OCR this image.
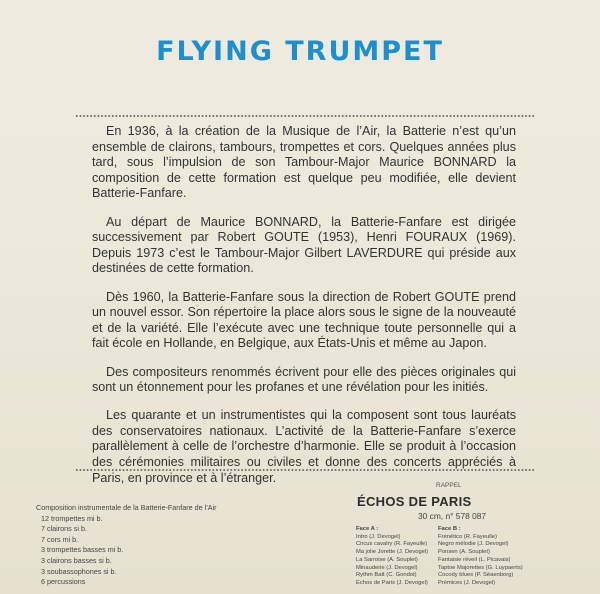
FLYING TRUMPET

En 1936, à la création de la Musique de l’Air, la Batterie n’est qu’un ensemble de clairons, tambours, trompettes et cors. Quelques années plus tard, sous l’impulsion de son Tambour-Major Maurice BONNARD la composition de cette formation est quelque peu modifiée, elle devient Batterie-Fanfare.

Au départ de Maurice BONNARD, la Batterie-Fanfare est dirigée successivement par Robert GOUTE (1953), Henri FOURAUX (1969). Depuis 1973 c’est le Tambour-Major Gilbert LAVERDURE qui préside aux destinées de cette formation.

Dès 1960, la Batterie-Fanfare sous la direction de Robert GOUTE prend un nouvel essor. Son répertoire la place alors sous le signe de la nouveauté et de la variété. Elle l’exécute avec une technique toute personnelle qui a fait école en Hollande, en Belgique, aux États-Unis et même au Japon.

Des compositeurs renommés écrivent pour elle des pièces originales qui sont un étonnement pour les profanes et une révélation pour les initiés.

Les quarante et un instrumentistes qui la composent sont tous lauréats des conservatoires nationaux. L’activité de la Batterie-Fanfare s’exerce parallèlement à celle de l’orchestre d’harmonie. Elle se produit à l’occasion des cérémonies militaires ou civiles et donne des concerts appréciés à Paris, en province et à l’étranger.

Composition instrumentale de la Batterie-Fanfare de l’Air
12 trompettes mi b.
7 clairons si b.
7 cors mi b.
3 trompettes basses mi b.
3 clairons basses si b.
3 soubassophones si b.
6 percussions
RAPPEL
ÉCHOS DE PARIS
30 cm, n° 578 087
Face A :
Intro (J. Devogel)
Circus cavalry (R. Fayeulle)
Ma jolie Jorette (J. Devogel)
La Sarroise (A. Souplet)
Minauderie (J. Devogel)
Rythm Batt (C. Gondot)
Échos de Paris (J. Devogel)
Face B :
Frénético (R. Fayeulle)
Negro mélodie (J. Devogel)
Ponsen (A. Souplet)
Fantaisie réveil (L. Picavais)
Taptoe Majorettes (G. Luypaerts)
Cocody blues (P. Sèaenborg)
Prémices (J. Devogel)
